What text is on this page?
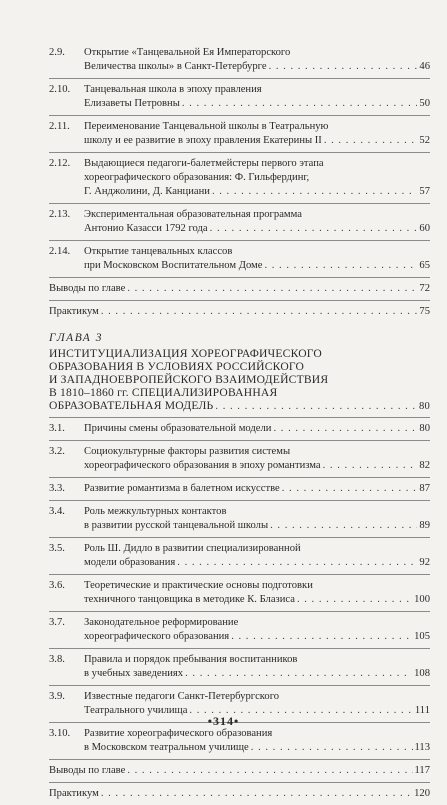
2.9. Открытие «Танцевальной Ея Императорского
Величества школы» в Санкт-Петербурге . . .	46
2.10. Танцевальная школа в эпоху правления
Елизаветы Петровны . . .	50
2.11. Переименование Танцевальной школы в Театральную
школу и ее развитие в эпоху правления Екатерины II . . .	52
2.12. Выдающиеся педагоги-балетмейстеры первого этапа
хореографического образования: Ф. Гильфердинг,
Г. Анджолини, Д. Канциани . . .	57
2.13. Экспериментальная образовательная программа
Антонио Казасси 1792 года . . .	60
2.14. Открытие танцевальных классов
при Московском Воспитательном Доме . . .	65
Выводы по главе . . .	72
Практикум . . .	75
ГЛАВА 3
ИНСТИТУЦИАЛИЗАЦИЯ ХОРЕОГРАФИЧЕСКОГО
ОБРАЗОВАНИЯ В УСЛОВИЯХ РОССИЙСКОГО
И ЗАПАДНОЕВРОПЕЙСКОГО ВЗАИМОДЕЙСТВИЯ
В 1810–1860 гг. СПЕЦИАЛИЗИРОВАННАЯ
ОБРАЗОВАТЕЛЬНАЯ МОДЕЛЬ . . .	80
3.1. Причины смены образовательной модели . . .	80
3.2. Социокультурные факторы развития системы
хореографического образования в эпоху романтизма . . .	82
3.3. Развитие романтизма в балетном искусстве . . .	87
3.4. Роль межкультурных контактов
в развитии русской танцевальной школы . . .	89
3.5. Роль Ш. Дидло в развитии специализированной
модели образования . . .	92
3.6. Теоретические и практические основы подготовки
техничного танцовщика в методике К. Блазиса . . .	100
3.7. Законодательное реформирование
хореографического образования . . .	105
3.8. Правила и порядок пребывания воспитанников
в учебных заведениях . . .	108
3.9. Известные педагоги Санкт-Петербургского
Театрального училища . . .	111
3.10. Развитие хореографического образования
в Московском театральном училище . . .	113
Выводы по главе . . .	117
Практикум . . .	120
•314•
